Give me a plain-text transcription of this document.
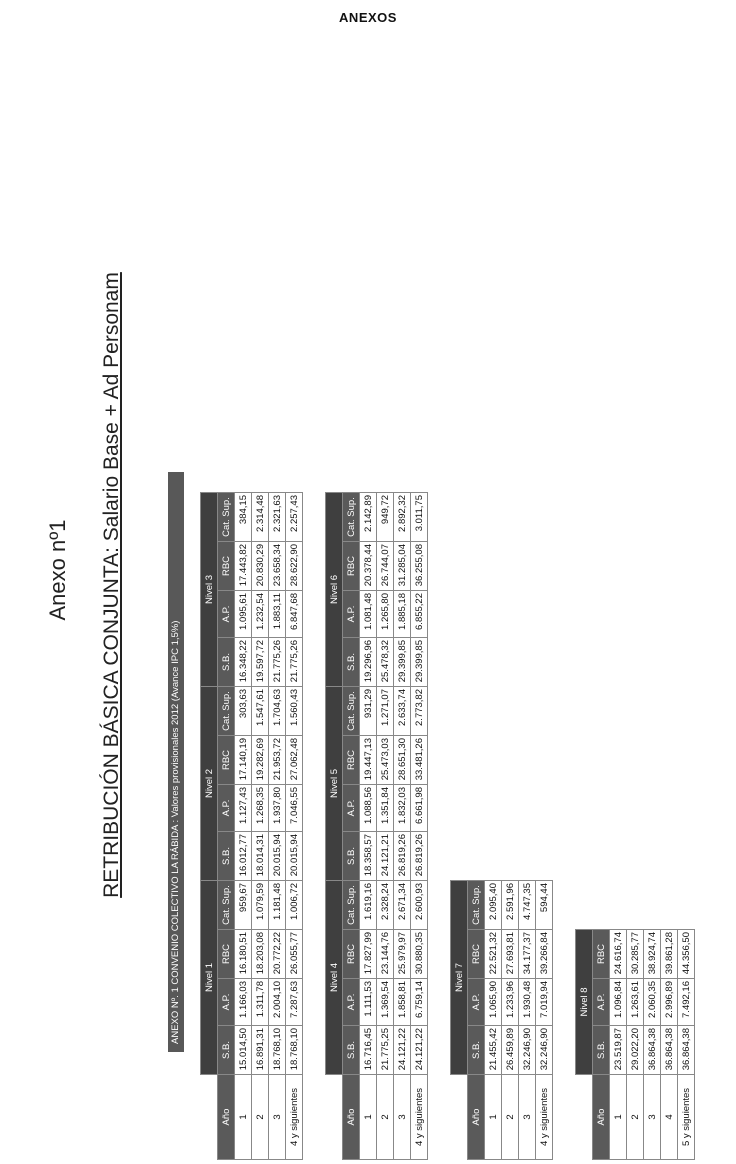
ANEXOS
Anexo nº1 RETRIBUCIÓN BÁSICA CONJUNTA: Salario Base + Ad Personam	ANEXO Nº. 1 CONVENIO COLECTIVO LA RÁBIDA : Valores provisionales 2012 (Avance IPC 1,5%)
		Nivel 1				Nivel 2				Nivel 3			
Año	S.B.	A.P.	RBC	Cat. Sup.	S.B.	A.P.	RBC	Cat. Sup.	S.B.	A.P.	RBC	Cat. Sup.
1	15.014,50	1.166,03	16.180,51	959,67	16.012,77	1.127,43	17.140,19	303,63	16.348,22	1.095,61	17.443,82	384,15
2	16.891,31	1.311,78	18.203,08	1.079,59	18.014,31	1.268,35	19.282,69	1.547,61	19.597,72	1.232,54	20.830,29	2.314,48
3	18.768,10	2.004,10	20.772,22	1.181,48	20.015,94	1.937,80	21.953,72	1.704,63	21.775,26	1.883,11	23.658,34	2.321,63
4 y siguientes	18.768,10	7.287,63	26.055,77	1.006,72	20.015,94	7.046,55	27.062,48	1.560,43	21.775,26	6.847,68	28.622,90	2.257,43
	Nivel 4				Nivel 5				Nivel 6			
Año	S.B.	A.P.	RBC	Cat. Sup.	S.B.	A.P.	RBC	Cat. Sup.	S.B.	A.P.	RBC	Cat. Sup.
1	16.716,45	1.111,53	17.827,99	1.619,16	18.358,57	1.088,56	19.447,13	931,29	19.296,96	1.081,48	20.378,44	2.142,89
2	21.775,25	1.369,54	23.144,76	2.328,24	24.121,21	1.351,84	25.473,03	1.271,07	25.478,32	1.265,80	26.744,07	949,72
3	24.121,22	1.858,81	25.979,97	2.671,34	26.819,26	1.832,03	28.651,30	2.633,74	29.399,85	1.885,18	31.285,04	2.892,32
4 y siguientes	24.121,22	6.759,14	30.880,35	2.600,93	26.819,26	6.661,98	33.481,26	2.773,82	29.399,85	6.855,22	36.255,08	3.011,75
	Nivel 7			
Año	S.B.	A.P.	RBC	Cat. Sup.
1	21.455,42	1.065,90	22.521,32	2.095,40
2	26.459,89	1.233,96	27.693,81	2.591,96
3	32.246,90	1.930,48	34.177,37	4.747,35
4 y siguientes	32.246,90	7.019,94	39.266,84	594,44
	Nivel 8		
Año	S.B.	A.P.	RBC
1	23.519,87	1.096,84	24.616,74
2	29.022,20	1.263,61	30.285,77
3	36.864,38	2.060,35	38.924,74
4	36.864,38	2.996,89	39.861,28
5 y siguientes	36.864,38	7.492,16	44.356,50
